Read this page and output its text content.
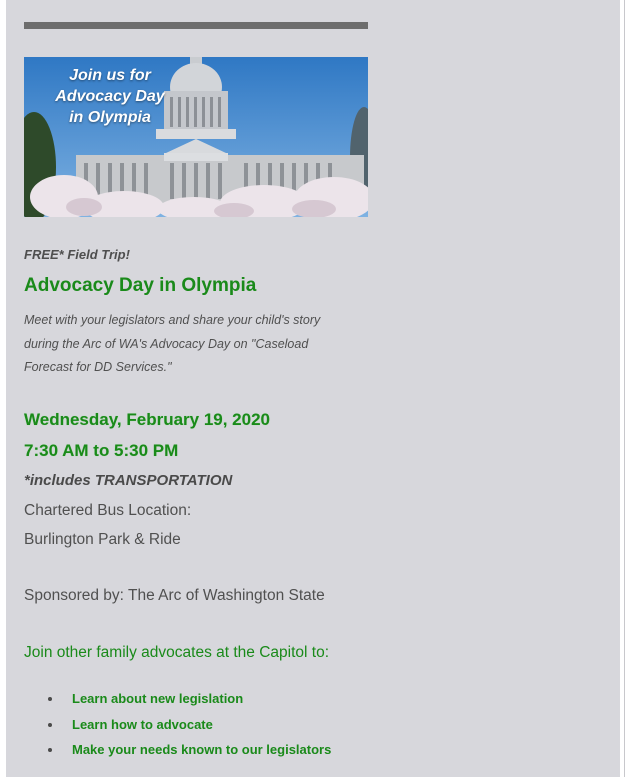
Join us for
Advocacy Day
in Olympia
FREE* Field Trip!
Advocacy Day in Olympia
Meet with your legislators and share your child's story
during the Arc of WA's Advocacy Day on "Caseload
Forecast for DD Services."
Wednesday, February 19, 2020
7:30 AM to 5:30 PM
*includes TRANSPORTATION
Chartered Bus Location:
Burlington Park & Ride
Sponsored by: The Arc of Washington State
Join other family advocates at the Capitol to:
Learn about new legislation
Learn how to advocate
Make your needs known to our legislators
